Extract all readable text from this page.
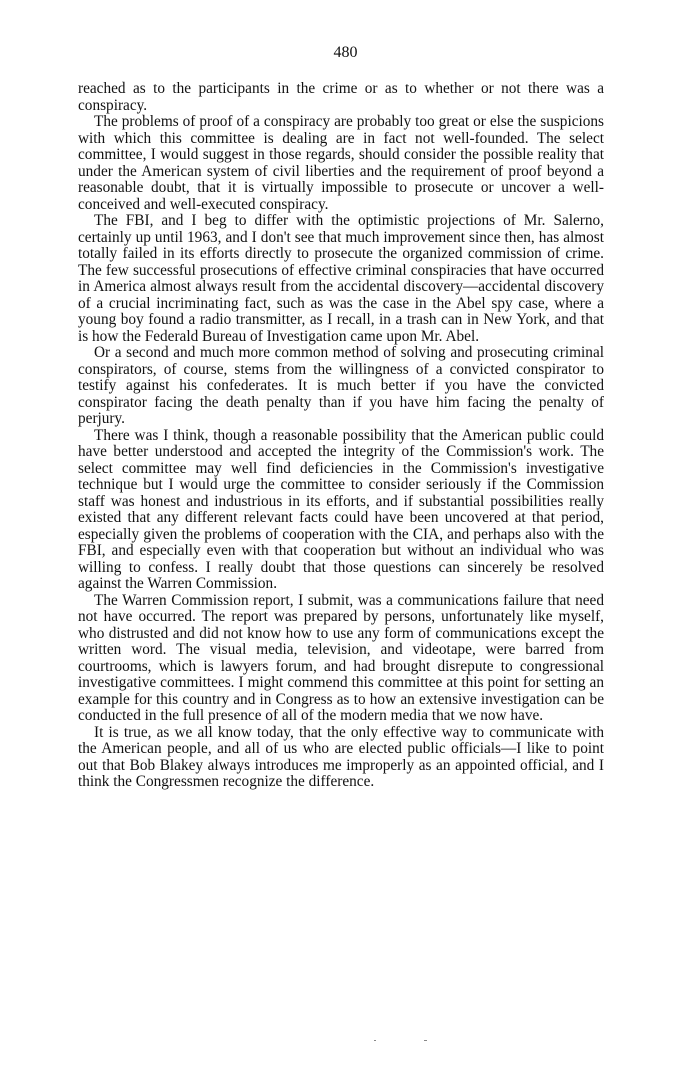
480

reached as to the participants in the crime or as to whether or not there was a conspiracy.

The problems of proof of a conspiracy are probably too great or else the suspicions with which this committee is dealing are in fact not well-founded. The select committee, I would suggest in those regards, should consider the possible reality that under the American system of civil liberties and the requirement of proof beyond a reasonable doubt, that it is virtually impossible to prosecute or uncover a well-conceived and well-executed conspiracy.

The FBI, and I beg to differ with the optimistic projections of Mr. Salerno, certainly up until 1963, and I don't see that much improvement since then, has almost totally failed in its efforts directly to prosecute the organized commission of crime. The few successful prosecutions of effective criminal conspiracies that have occurred in America almost always result from the accidental discovery—accidental discovery of a crucial incriminating fact, such as was the case in the Abel spy case, where a young boy found a radio transmitter, as I recall, in a trash can in New York, and that is how the Federald Bureau of Investigation came upon Mr. Abel.

Or a second and much more common method of solving and prosecuting criminal conspirators, of course, stems from the willingness of a convicted conspirator to testify against his confederates. It is much better if you have the convicted conspirator facing the death penalty than if you have him facing the penalty of perjury.

There was I think, though a reasonable possibility that the American public could have better understood and accepted the integrity of the Commission's work. The select committee may well find deficiencies in the Commission's investigative technique but I would urge the committee to consider seriously if the Commission staff was honest and industrious in its efforts, and if substantial possibilities really existed that any different relevant facts could have been uncovered at that period, especially given the problems of cooperation with the CIA, and perhaps also with the FBI, and especially even with that cooperation but without an individual who was willing to confess. I really doubt that those questions can sincerely be resolved against the Warren Commission.

The Warren Commission report, I submit, was a communications failure that need not have occurred. The report was prepared by persons, unfortunately like myself, who distrusted and did not know how to use any form of communications except the written word. The visual media, television, and videotape, were barred from courtrooms, which is lawyers forum, and had brought disrepute to congressional investigative committees. I might commend this committee at this point for setting an example for this country and in Congress as to how an extensive investigation can be conducted in the full presence of all of the modern media that we now have.

It is true, as we all know today, that the only effective way to communicate with the American people, and all of us who are elected public officials—I like to point out that Bob Blakey always introduces me improperly as an appointed official, and I think the Congressmen recognize the difference.
